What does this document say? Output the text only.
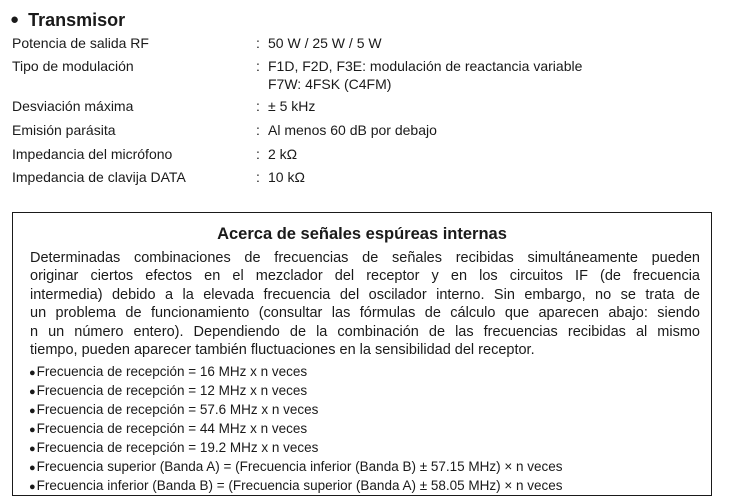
● Transmisor
Potencia de salida RF	: 50 W / 25 W / 5 W
Tipo de modulación	: F1D, F2D, F3E: modulación de reactancia variable
F7W: 4FSK (C4FM)
Desviación máxima	: ± 5 kHz
Emisión parásita	: Al menos 60 dB por debajo
Impedancia del micrófono	: 2 kΩ
Impedancia de clavija DATA	: 10 kΩ
Acerca de señales espúreas internas
Determinadas combinaciones de frecuencias de señales recibidas simultáneamente pueden
originar ciertos efectos en el mezclador del receptor y en los circuitos IF (de frecuencia
intermedia) debido a la elevada frecuencia del oscilador interno. Sin embargo, no se trata de
un problema de funcionamiento (consultar las fórmulas de cálculo que aparecen abajo: siendo
n un número entero). Dependiendo de la combinación de las frecuencias recibidas al mismo
tiempo, pueden aparecer también fluctuaciones en la sensibilidad del receptor.
●Frecuencia de recepción = 16 MHz x n veces
●Frecuencia de recepción = 12 MHz x n veces
●Frecuencia de recepción = 57.6 MHz x n veces
●Frecuencia de recepción = 44 MHz x n veces
●Frecuencia de recepción = 19.2 MHz x n veces
●Frecuencia superior (Banda A) = (Frecuencia inferior (Banda B) ± 57.15 MHz) × n veces
●Frecuencia inferior (Banda B) = (Frecuencia superior (Banda A) ± 58.05 MHz) × n veces
